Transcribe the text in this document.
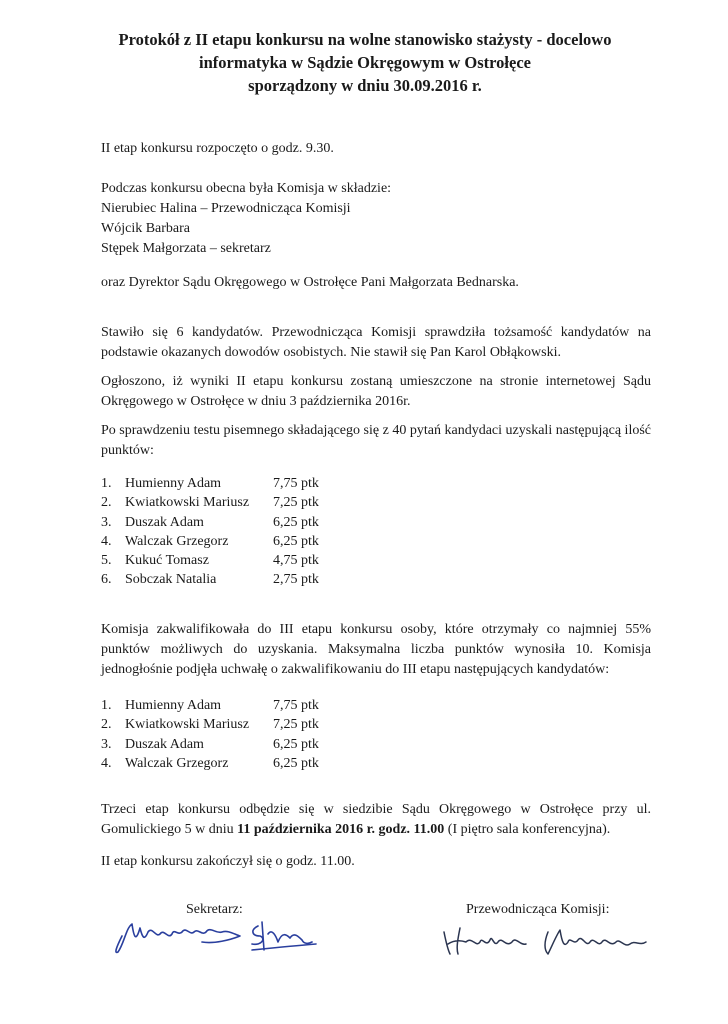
Protokół z II etapu konkursu na wolne stanowisko stażysty - docelowo
informatyka w Sądzie Okręgowym w Ostrołęce
sporządzony w dniu 30.09.2016 r.
II etap konkursu rozpoczęto o godz. 9.30.
Podczas konkursu obecna była Komisja w składzie:
Nierubiec Halina – Przewodnicząca Komisji
Wójcik Barbara
Stępek Małgorzata – sekretarz
oraz Dyrektor Sądu Okręgowego w Ostrołęce Pani Małgorzata Bednarska.
Stawiło się 6 kandydatów. Przewodnicząca Komisji sprawdziła tożsamość kandydatów na podstawie okazanych dowodów osobistych. Nie stawił się Pan Karol Obłąkowski.
Ogłoszono, iż wyniki II etapu konkursu zostaną umieszczone na stronie internetowej Sądu Okręgowego w Ostrołęce w dniu 3 października 2016r.
Po sprawdzeniu testu pisemnego składającego się z 40 pytań kandydaci uzyskali następującą ilość punktów:
1. Humienny Adam	7,75 ptk
2. Kwiatkowski Mariusz	7,25 ptk
3. Duszak Adam	6,25 ptk
4. Walczak Grzegorz	6,25 ptk
5. Kukuć Tomasz	4,75 ptk
6. Sobczak Natalia	2,75 ptk
Komisja zakwalifikowała do III etapu konkursu osoby, które otrzymały co najmniej 55% punktów możliwych do uzyskania. Maksymalna liczba punktów wynosiła 10. Komisja jednogłośnie podjęła uchwałę o zakwalifikowaniu do III etapu następujących kandydatów:
1. Humienny Adam	7,75 ptk
2. Kwiatkowski Mariusz	7,25 ptk
3. Duszak Adam	6,25 ptk
4. Walczak Grzegorz	6,25 ptk
Trzeci etap konkursu odbędzie się w siedzibie Sądu Okręgowego w Ostrołęce przy ul. Gomulickiego 5 w dniu 11 października 2016 r. godz. 11.00 (I piętro sala konferencyjna).
II etap konkursu zakończył się o godz. 11.00.
Sekretarz:	Przewodnicząca Komisji:
